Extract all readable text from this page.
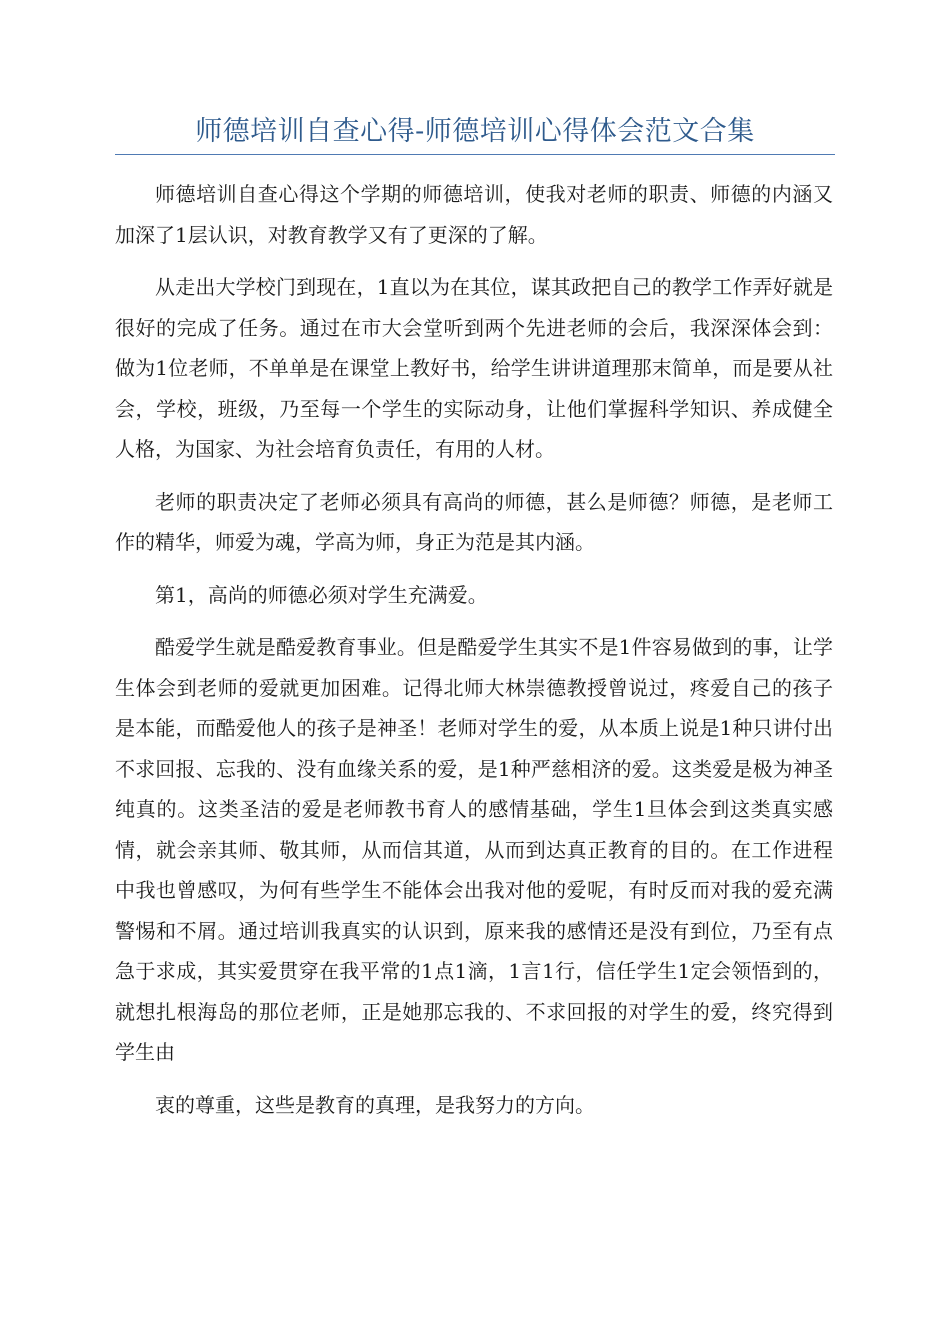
师德培训自查心得-师德培训心得体会范文合集

师德培训自查心得这个学期的师德培训，使我对老师的职责、师德的内涵又加深了1层认识，对教育教学又有了更深的了解。

从走出大学校门到现在，1直以为在其位，谋其政把自己的教学工作弄好就是很好的完成了任务。通过在市大会堂听到两个先进老师的会后，我深深体会到：做为1位老师，不单单是在课堂上教好书，给学生讲讲道理那末简单，而是要从社会，学校，班级，乃至每一个学生的实际动身，让他们掌握科学知识、养成健全人格，为国家、为社会培育负责任，有用的人材。

老师的职责决定了老师必须具有高尚的师德，甚么是师德？师德，是老师工作的精华，师爱为魂，学高为师，身正为范是其内涵。

第1，高尚的师德必须对学生充满爱。

酷爱学生就是酷爱教育事业。但是酷爱学生其实不是1件容易做到的事，让学生体会到老师的爱就更加困难。记得北师大林崇德教授曾说过，疼爱自己的孩子是本能，而酷爱他人的孩子是神圣！老师对学生的爱，从本质上说是1种只讲付出不求回报、忘我的、没有血缘关系的爱，是1种严慈相济的爱。这类爱是极为神圣纯真的。这类圣洁的爱是老师教书育人的感情基础，学生1旦体会到这类真实感情，就会亲其师、敬其师，从而信其道，从而到达真正教育的目的。在工作进程中我也曾感叹，为何有些学生不能体会出我对他的爱呢，有时反而对我的爱充满警惕和不屑。通过培训我真实的认识到，原来我的感情还是没有到位，乃至有点急于求成，其实爱贯穿在我平常的1点1滴，1言1行，信任学生1定会领悟到的，就想扎根海岛的那位老师，正是她那忘我的、不求回报的对学生的爱，终究得到学生由

衷的尊重，这些是教育的真理，是我努力的方向。
